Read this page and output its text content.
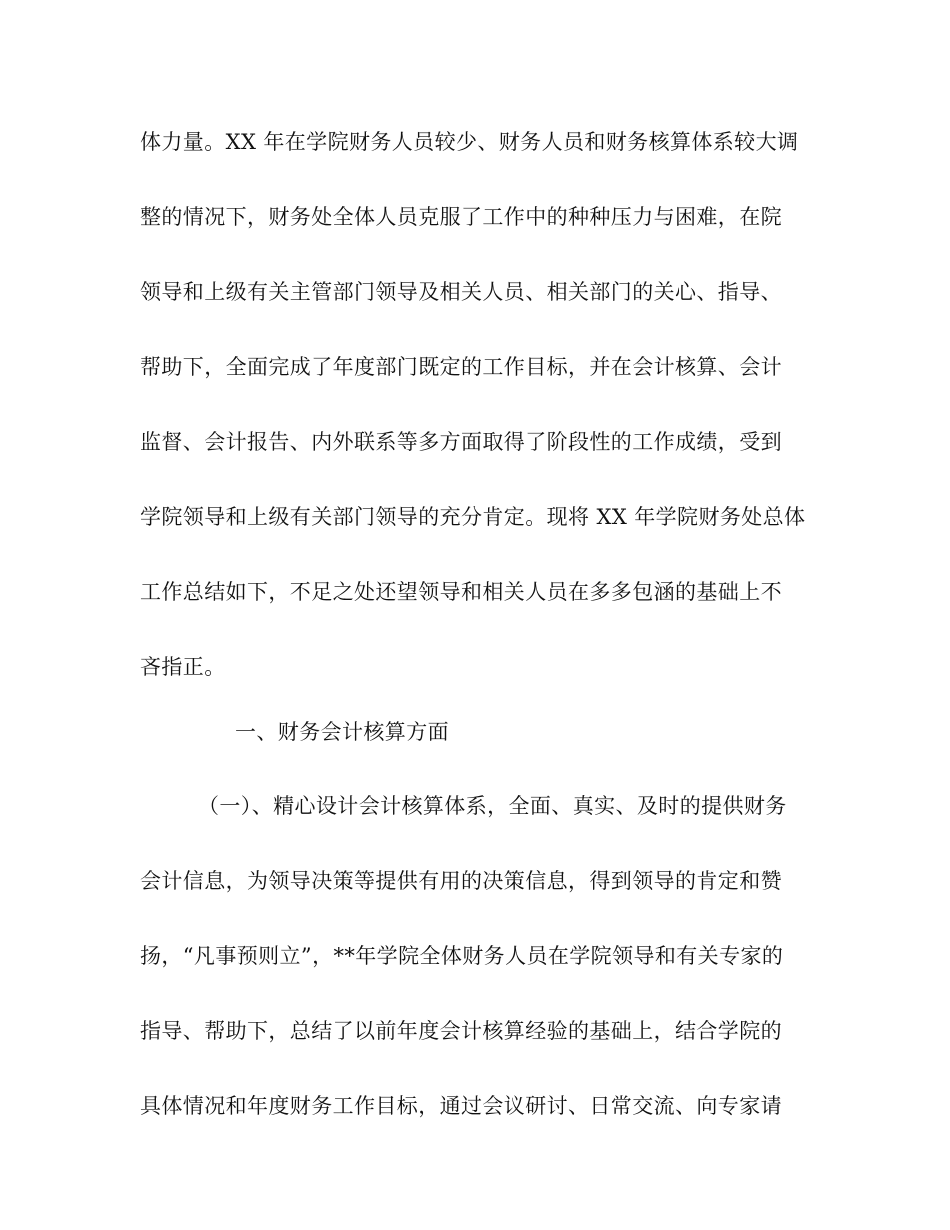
体力量。XX 年在学院财务人员较少、财务人员和财务核算体系较大调
整的情况下，财务处全体人员克服了工作中的种种压力与困难，在院
领导和上级有关主管部门领导及相关人员、相关部门的关心、指导、
帮助下，全面完成了年度部门既定的工作目标，并在会计核算、会计
监督、会计报告、内外联系等多方面取得了阶段性的工作成绩，受到
学院领导和上级有关部门领导的充分肯定。现将 XX 年学院财务处总体
工作总结如下，不足之处还望领导和相关人员在多多包涵的基础上不
吝指正。
一、财务会计核算方面
（一）、精心设计会计核算体系，全面、真实、及时的提供财务
会计信息，为领导决策等提供有用的决策信息，得到领导的肯定和赞
扬，“凡事预则立”，**年学院全体财务人员在学院领导和有关专家的
指导、帮助下，总结了以前年度会计核算经验的基础上，结合学院的
具体情况和年度财务工作目标，通过会议研讨、日常交流、向专家请
